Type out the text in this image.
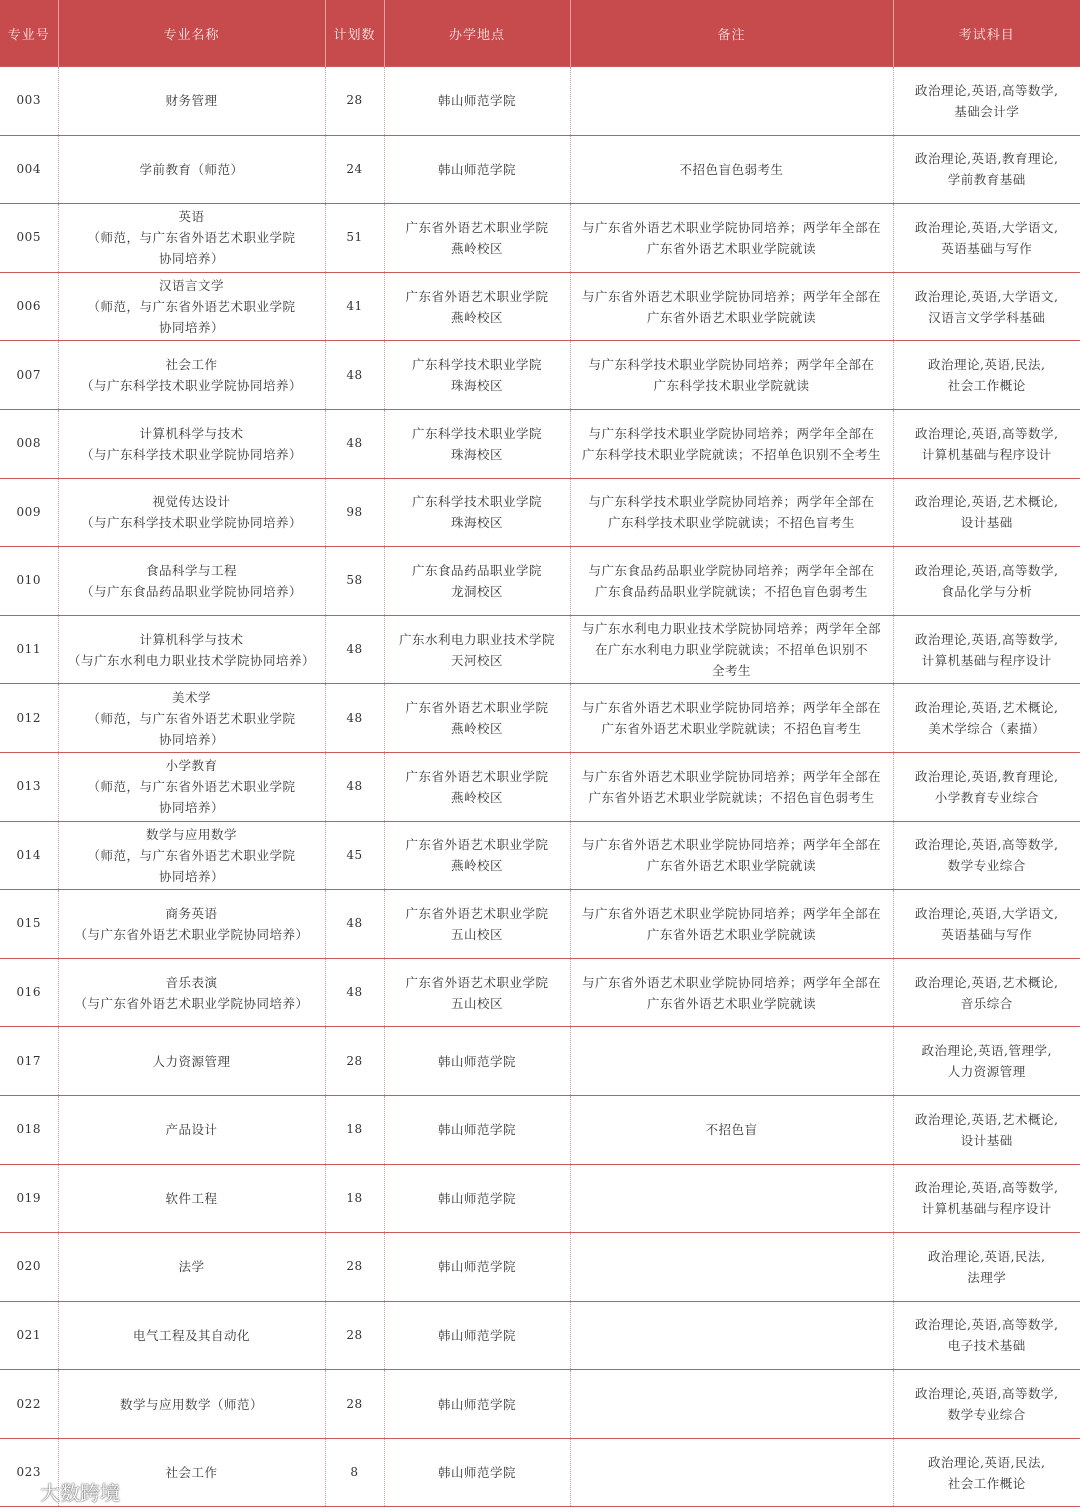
专业号	专业名称	计划数	办学地点	备注	考试科目
003	财务管理	28	韩山师范学院		政治理论,英语,高等数学,
基础会计学
004	学前教育（师范）	24	韩山师范学院	不招色盲色弱考生	政治理论,英语,教育理论,
学前教育基础
005	英语
（师范，与广东省外语艺术职业学院
协同培养）	51	广东省外语艺术职业学院
燕岭校区	与广东省外语艺术职业学院协同培养；两学年全部在
广东省外语艺术职业学院就读	政治理论,英语,大学语文,
英语基础与写作
006	汉语言文学
（师范，与广东省外语艺术职业学院
协同培养）	41	广东省外语艺术职业学院
燕岭校区	与广东省外语艺术职业学院协同培养；两学年全部在
广东省外语艺术职业学院就读	政治理论,英语,大学语文,
汉语言文学学科基础
007	社会工作
（与广东科学技术职业学院协同培养）	48	广东科学技术职业学院
珠海校区	与广东科学技术职业学院协同培养；两学年全部在
广东科学技术职业学院就读	政治理论,英语,民法,
社会工作概论
008	计算机科学与技术
（与广东科学技术职业学院协同培养）	48	广东科学技术职业学院
珠海校区	与广东科学技术职业学院协同培养；两学年全部在
广东科学技术职业学院就读；不招单色识别不全考生	政治理论,英语,高等数学,
计算机基础与程序设计
009	视觉传达设计
（与广东科学技术职业学院协同培养）	98	广东科学技术职业学院
珠海校区	与广东科学技术职业学院协同培养；两学年全部在
广东科学技术职业学院就读；不招色盲考生	政治理论,英语,艺术概论,
设计基础
010	食品科学与工程
（与广东食品药品职业学院协同培养）	58	广东食品药品职业学院
龙洞校区	与广东食品药品职业学院协同培养；两学年全部在
广东食品药品职业学院就读；不招色盲色弱考生	政治理论,英语,高等数学,
食品化学与分析
011	计算机科学与技术
（与广东水利电力职业技术学院协同培养）	48	广东水利电力职业技术学院
天河校区	与广东水利电力职业技术学院协同培养；两学年全部
在广东水利电力职业学院就读；不招单色识别不
全考生	政治理论,英语,高等数学,
计算机基础与程序设计
012	美术学
（师范，与广东省外语艺术职业学院
协同培养）	48	广东省外语艺术职业学院
燕岭校区	与广东省外语艺术职业学院协同培养；两学年全部在
广东省外语艺术职业学院就读；不招色盲考生	政治理论,英语,艺术概论,
美术学综合（素描）
013	小学教育
（师范，与广东省外语艺术职业学院
协同培养）	48	广东省外语艺术职业学院
燕岭校区	与广东省外语艺术职业学院协同培养；两学年全部在
广东省外语艺术职业学院就读；不招色盲色弱考生	政治理论,英语,教育理论,
小学教育专业综合
014	数学与应用数学
（师范，与广东省外语艺术职业学院
协同培养）	45	广东省外语艺术职业学院
燕岭校区	与广东省外语艺术职业学院协同培养；两学年全部在
广东省外语艺术职业学院就读	政治理论,英语,高等数学,
数学专业综合
015	商务英语
（与广东省外语艺术职业学院协同培养）	48	广东省外语艺术职业学院
五山校区	与广东省外语艺术职业学院协同培养；两学年全部在
广东省外语艺术职业学院就读	政治理论,英语,大学语文,
英语基础与写作
016	音乐表演
（与广东省外语艺术职业学院协同培养）	48	广东省外语艺术职业学院
五山校区	与广东省外语艺术职业学院协同培养；两学年全部在
广东省外语艺术职业学院就读	政治理论,英语,艺术概论,
音乐综合
017	人力资源管理	28	韩山师范学院		政治理论,英语,管理学,
人力资源管理
018	产品设计	18	韩山师范学院	不招色盲	政治理论,英语,艺术概论,
设计基础
019	软件工程	18	韩山师范学院		政治理论,英语,高等数学,
计算机基础与程序设计
020	法学	28	韩山师范学院		政治理论,英语,民法,
法理学
021	电气工程及其自动化	28	韩山师范学院		政治理论,英语,高等数学,
电子技术基础
022	数学与应用数学（师范）	28	韩山师范学院		政治理论,英语,高等数学,
数学专业综合
023	社会工作	8	韩山师范学院		政治理论,英语,民法,
社会工作概论
大数跨境
